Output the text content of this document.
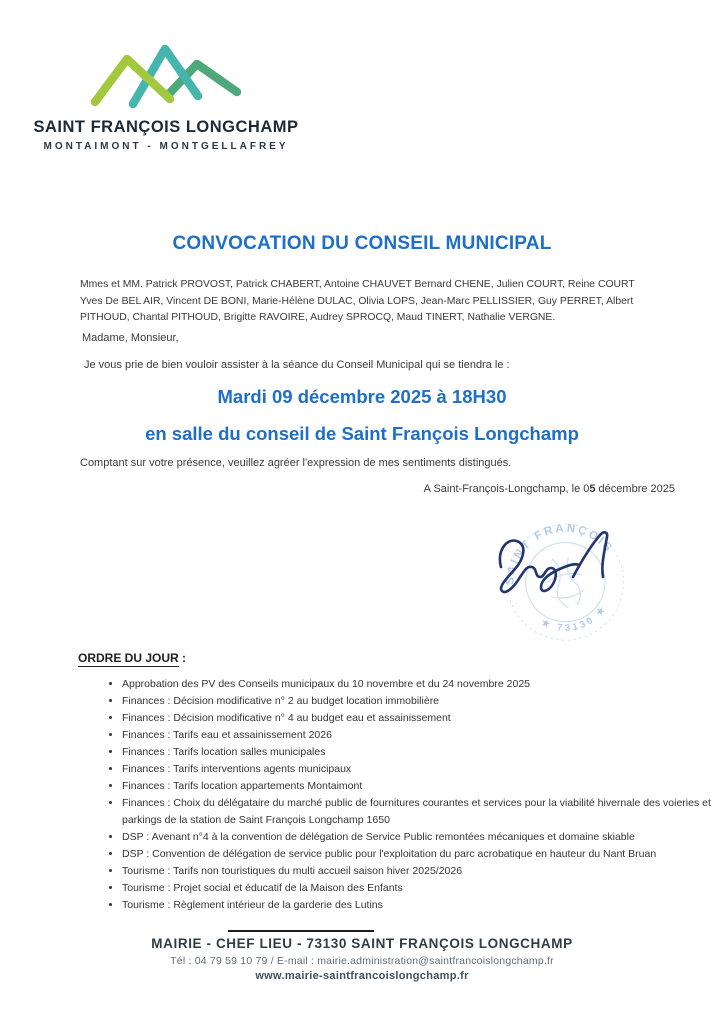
SAINT FRANÇOIS LONGCHAMP
MONTAIMONT - MONTGELLAFREY
CONVOCATION DU CONSEIL MUNICIPAL
Mmes et MM. Patrick PROVOST, Patrick CHABERT, Antoine CHAUVET Bernard CHENE, Julien COURT, Reine COURT
Yves De BEL AIR, Vincent DE BONI, Marie-Hélène DULAC, Olivia LOPS, Jean-Marc PELLISSIER, Guy PERRET, Albert
PITHOUD, Chantal PITHOUD, Brigitte RAVOIRE, Audrey SPROCQ, Maud TINERT, Nathalie VERGNE.
Madame, Monsieur,
Je vous prie de bien vouloir assister à la séance du Conseil Municipal qui se tiendra le :
Mardi 09 décembre 2025 à 18H30
en salle du conseil de Saint François Longchamp
Comptant sur votre présence, veuillez agréer l'expression de mes sentiments distingués.
A Saint-François-Longchamp, le 05 décembre 2025
SAINT FRANÇOIS
★ 73130 ★
ORDRE DU JOUR :
• Approbation des PV des Conseils municipaux du 10 novembre et du 24 novembre 2025
• Finances : Décision modificative n° 2 au budget location immobilière
• Finances : Décision modificative n° 4 au budget eau et assainissement
• Finances : Tarifs eau et assainissement 2026
• Finances : Tarifs location salles municipales
• Finances : Tarifs interventions agents municipaux
• Finances : Tarifs location appartements Montaimont
• Finances : Choix du délégataire du marché public de fournitures courantes et services pour la viabilité hivernale des voieries et parkings de la station de Saint François Longchamp 1650
• DSP : Avenant n°4 à la convention de délégation de Service Public remontées mécaniques et domaine skiable
• DSP : Convention de délégation de service public pour l'exploitation du parc acrobatique en hauteur du Nant Bruan
• Tourisme : Tarifs non touristiques du multi accueil saison hiver 2025/2026
• Tourisme : Projet social et éducatif de la Maison des Enfants
• Tourisme : Règlement intérieur de la garderie des Lutins
MAIRIE - CHEF LIEU - 73130 SAINT FRANÇOIS LONGCHAMP
Tél : 04 79 59 10 79 / E-mail : mairie.administration@saintfrancoislongchamp.fr
www.mairie-saintfrancoislongchamp.fr
